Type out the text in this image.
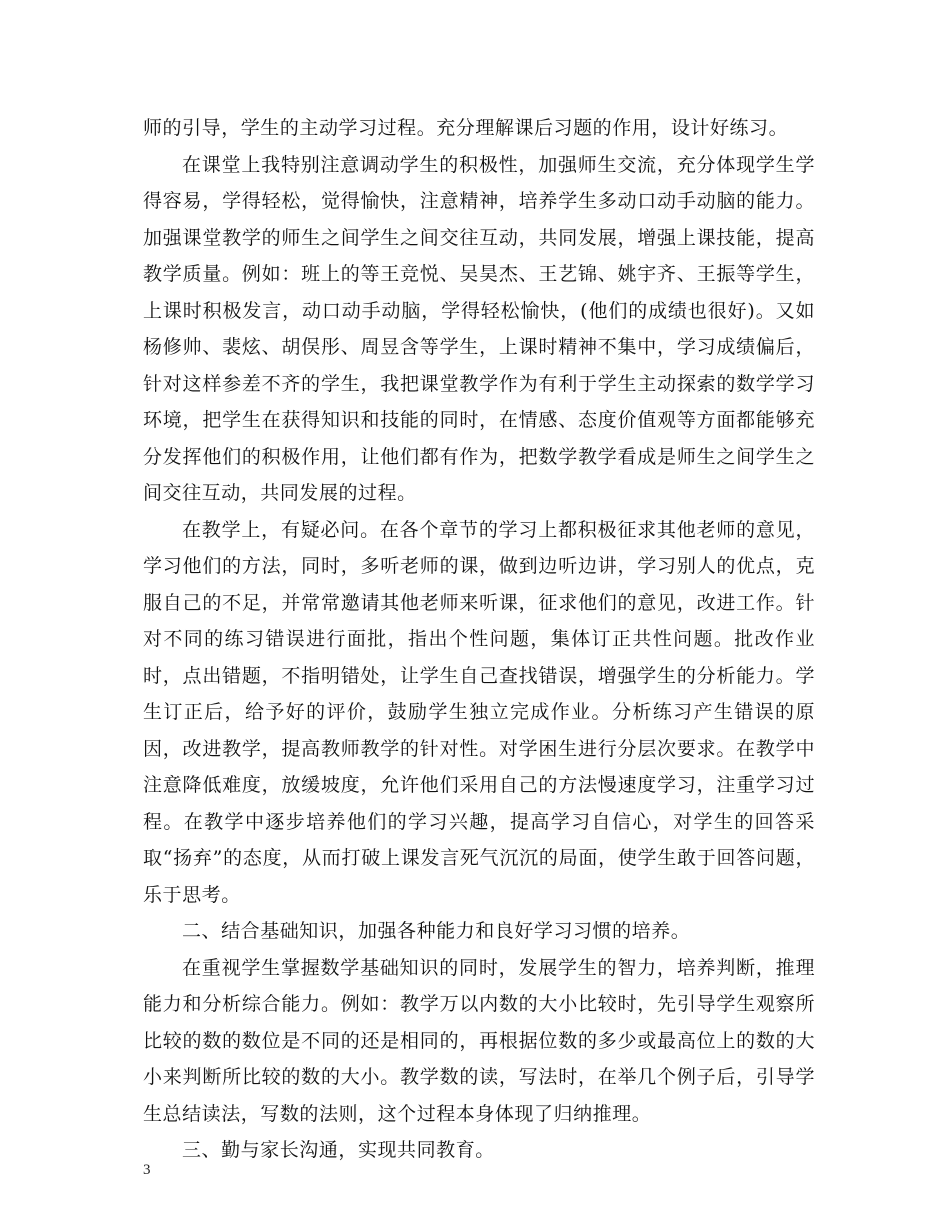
师的引导，学生的主动学习过程。充分理解课后习题的作用，设计好练习。

在课堂上我特别注意调动学生的积极性，加强师生交流，充分体现学生学得容易，学得轻松，觉得愉快，注意精神，培养学生多动口动手动脑的能力。加强课堂教学的师生之间学生之间交往互动，共同发展，增强上课技能，提高教学质量。例如：班上的等王竞悦、吴昊杰、王艺锦、姚宇齐、王振等学生，上课时积极发言，动口动手动脑，学得轻松愉快，(他们的成绩也很好)。又如杨修帅、裴炫、胡俣彤、周昱含等学生，上课时精神不集中，学习成绩偏后，针对这样参差不齐的学生，我把课堂教学作为有利于学生主动探索的数学学习环境，把学生在获得知识和技能的同时，在情感、态度价值观等方面都能够充分发挥他们的积极作用，让他们都有作为，把数学教学看成是师生之间学生之间交往互动，共同发展的过程。

在教学上，有疑必问。在各个章节的学习上都积极征求其他老师的意见，学习他们的方法，同时，多听老师的课，做到边听边讲，学习别人的优点，克服自己的不足，并常常邀请其他老师来听课，征求他们的意见，改进工作。针对不同的练习错误进行面批，指出个性问题，集体订正共性问题。批改作业时，点出错题，不指明错处，让学生自己查找错误，增强学生的分析能力。学生订正后，给予好的评价，鼓励学生独立完成作业。分析练习产生错误的原因，改进教学，提高教师教学的针对性。对学困生进行分层次要求。在教学中注意降低难度，放缓坡度，允许他们采用自己的方法慢速度学习，注重学习过程。在教学中逐步培养他们的学习兴趣，提高学习自信心，对学生的回答采取“扬弃”的态度，从而打破上课发言死气沉沉的局面，使学生敢于回答问题，乐于思考。

二、结合基础知识，加强各种能力和良好学习习惯的培养。

在重视学生掌握数学基础知识的同时，发展学生的智力，培养判断，推理能力和分析综合能力。例如：教学万以内数的大小比较时，先引导学生观察所比较的数的数位是不同的还是相同的，再根据位数的多少或最高位上的数的大小来判断所比较的数的大小。教学数的读，写法时，在举几个例子后，引导学生总结读法，写数的法则，这个过程本身体现了归纳推理。

三、勤与家长沟通，实现共同教育。

3
